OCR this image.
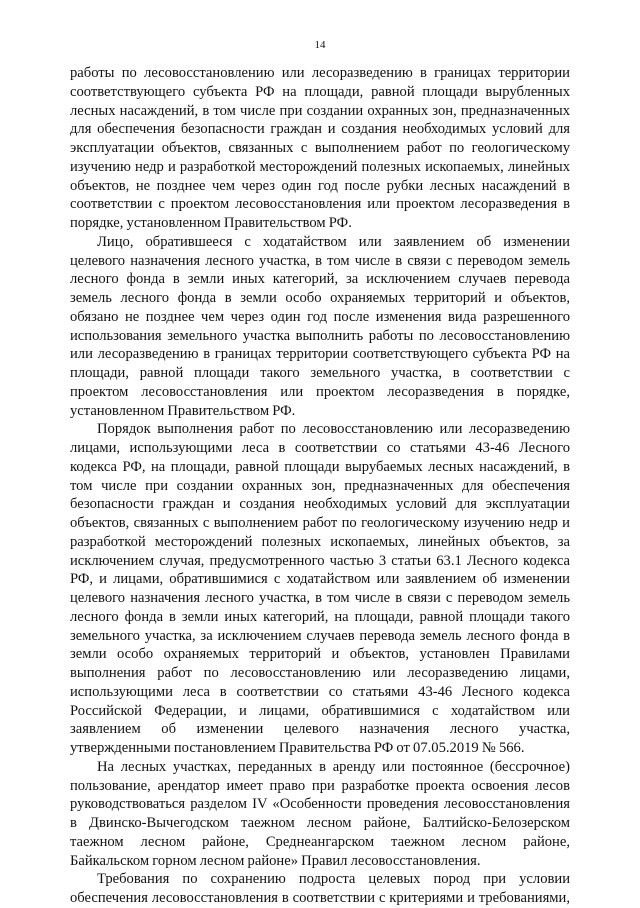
14
работы по лесовосстановлению или лесоразведению в границах территории
соответствующего субъекта РФ на площади, равной площади вырубленных
лесных насаждений, в том числе при создании охранных зон, предназначенных
для обеспечения безопасности граждан и создания необходимых условий для
эксплуатации объектов, связанных с выполнением работ по геологическому
изучению недр и разработкой месторождений полезных ископаемых, линейных
объектов, не позднее чем через один год после рубки лесных насаждений в
соответствии с проектом лесовосстановления или проектом лесоразведения в
порядке, установленном Правительством РФ.
Лицо, обратившееся с ходатайством или заявлением об изменении
целевого назначения лесного участка, в том числе в связи с переводом земель
лесного фонда в земли иных категорий, за исключением случаев перевода
земель лесного фонда в земли особо охраняемых территорий и объектов,
обязано не позднее чем через один год после изменения вида разрешенного
использования земельного участка выполнить работы по лесовосстановлению
или лесоразведению в границах территории соответствующего субъекта РФ на
площади, равной площади такого земельного участка, в соответствии с
проектом лесовосстановления или проектом лесоразведения в порядке,
установленном Правительством РФ.
Порядок выполнения работ по лесовосстановлению или лесоразведению
лицами, использующими леса в соответствии со статьями 43-46 Лесного
кодекса РФ, на площади, равной площади вырубаемых лесных насаждений, в
том числе при создании охранных зон, предназначенных для обеспечения
безопасности граждан и создания необходимых условий для эксплуатации
объектов, связанных с выполнением работ по геологическому изучению недр и
разработкой месторождений полезных ископаемых, линейных объектов, за
исключением случая, предусмотренного частью 3 статьи 63.1 Лесного кодекса
РФ, и лицами, обратившимися с ходатайством или заявлением об изменении
целевого назначения лесного участка, в том числе в связи с переводом земель
лесного фонда в земли иных категорий, на площади, равной площади такого
земельного участка, за исключением случаев перевода земель лесного фонда в
земли особо охраняемых территорий и объектов, установлен Правилами
выполнения работ по лесовосстановлению или лесоразведению лицами,
использующими леса в соответствии со статьями 43-46 Лесного кодекса
Российской Федерации, и лицами, обратившимися с ходатайством или
заявлением об изменении целевого назначения лесного участка,
утвержденными постановлением Правительства РФ от 07.05.2019 № 566.
На лесных участках, переданных в аренду или постоянное (бессрочное)
пользование, арендатор имеет право при разработке проекта освоения лесов
руководствоваться разделом IV «Особенности проведения лесовосстановления
в Двинско-Вычегодском таежном лесном районе, Балтийско-Белозерском
таежном лесном районе, Среднеангарском таежном лесном районе,
Байкальском горном лесном районе» Правил лесовосстановления.
Требования по сохранению подроста целевых пород при условии
обеспечения лесовосстановления в соответствии с критериями и требованиями,
